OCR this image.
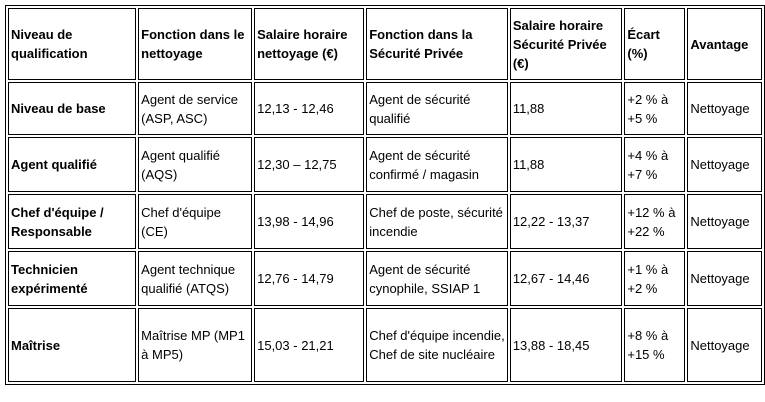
Niveau de qualification	Fonction dans le nettoyage	Salaire horaire nettoyage (€)	Fonction dans la Sécurité Privée	Salaire horaire Sécurité Privée (€)	Écart (%)	Avantage
Niveau de base	Agent de service (ASP, ASC)	12,13 - 12,46	Agent de sécurité qualifié	11,88	+2 % à +5 %	Nettoyage
Agent qualifié	Agent qualifié (AQS)	12,30 – 12,75	Agent de sécurité confirmé / magasin	11,88	+4 % à +7 %	Nettoyage
Chef d'équipe / Responsable	Chef d'équipe (CE)	13,98 - 14,96	Chef de poste, sécurité incendie	12,22 - 13,37	+12 % à +22 %	Nettoyage
Technicien expérimenté	Agent technique qualifié (ATQS)	12,76 - 14,79	Agent de sécurité cynophile, SSIAP 1	12,67 - 14,46	+1 % à +2 %	Nettoyage
Maîtrise	Maîtrise MP (MP1 à MP5)	15,03 - 21,21	Chef d'équipe incendie, Chef de site nucléaire	13,88 - 18,45	+8 % à +15 %	Nettoyage
